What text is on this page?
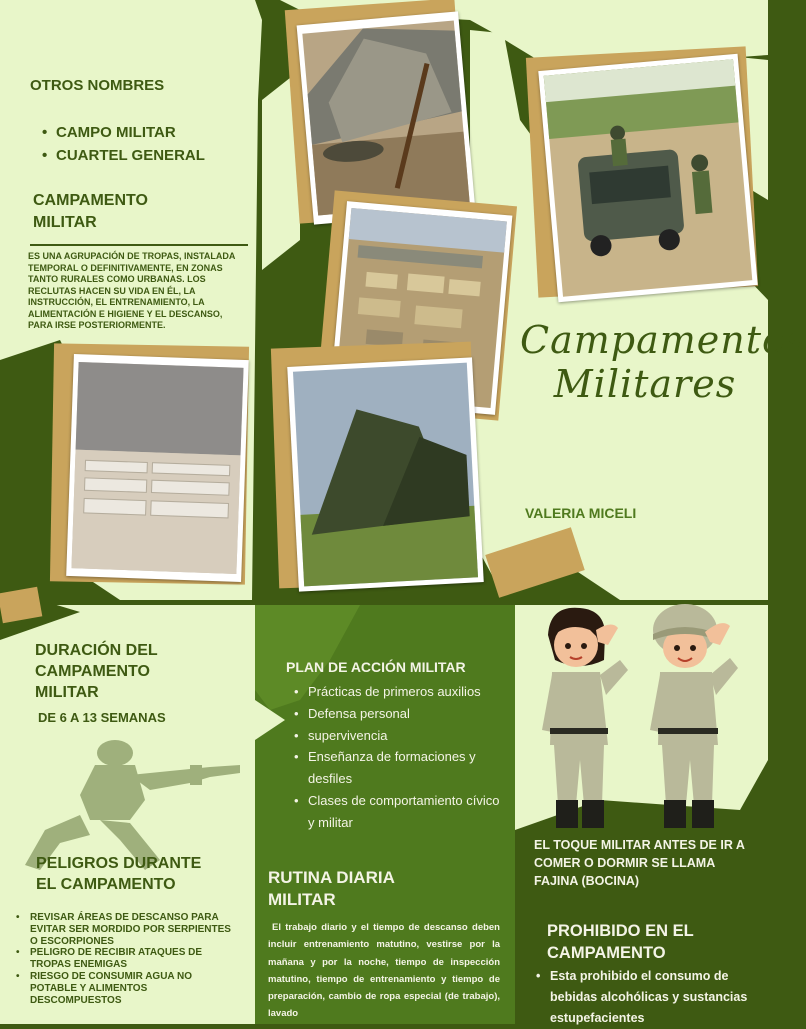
OTROS NOMBRES
• CAMPO MILITAR
• CUARTEL GENERAL
CAMPAMENTO
MILITAR
ES UNA AGRUPACIÓN DE TROPAS, INSTALADA TEMPORAL O DEFINITIVAMENTE, EN ZONAS TANTO RURALES COMO URBANAS. LOS RECLUTAS HACEN SU VIDA EN ÉL, LA INSTRUCCIÓN, EL ENTRENAMIENTO, LA ALIMENTACIÓN E HIGIENE Y EL DESCANSO, PARA IRSE POSTERIORMENTE.	Campamentos
Militares
VALERIA MICELI
DURACIÓN DEL
CAMPAMENTO
MILITAR
DE 6 A 13 SEMANAS
PELIGROS DURANTE
EL CAMPAMENTO
• REVISAR ÁREAS DE DESCANSO PARA EVITAR SER MORDIDO POR SERPIENTES O ESCORPIONES
• PELIGRO DE RECIBIR ATAQUES DE TROPAS ENEMIGAS
• RIESGO DE CONSUMIR AGUA NO POTABLE Y ALIMENTOS DESCOMPUESTOS
PLAN DE ACCIÓN MILITAR
• Prácticas de primeros auxilios
• Defensa personal
• supervivencia
• Enseñanza de formaciones y desfiles
• Clases de comportamiento cívico y militar
RUTINA DIARIA
MILITAR
El trabajo diario y el tiempo de descanso deben incluir entrenamiento matutino, vestirse por la mañana y por la noche, tiempo de inspección matutino, tiempo de entrenamiento y tiempo de preparación, cambio de ropa especial (de trabajo), lavado
EL TOQUE MILITAR ANTES DE IR A COMER O DORMIR SE LLAMA FAJINA (BOCINA)
PROHIBIDO EN EL
CAMPAMENTO
• Esta prohibido el consumo de bebidas alcohólicas y sustancias estupefacientes
